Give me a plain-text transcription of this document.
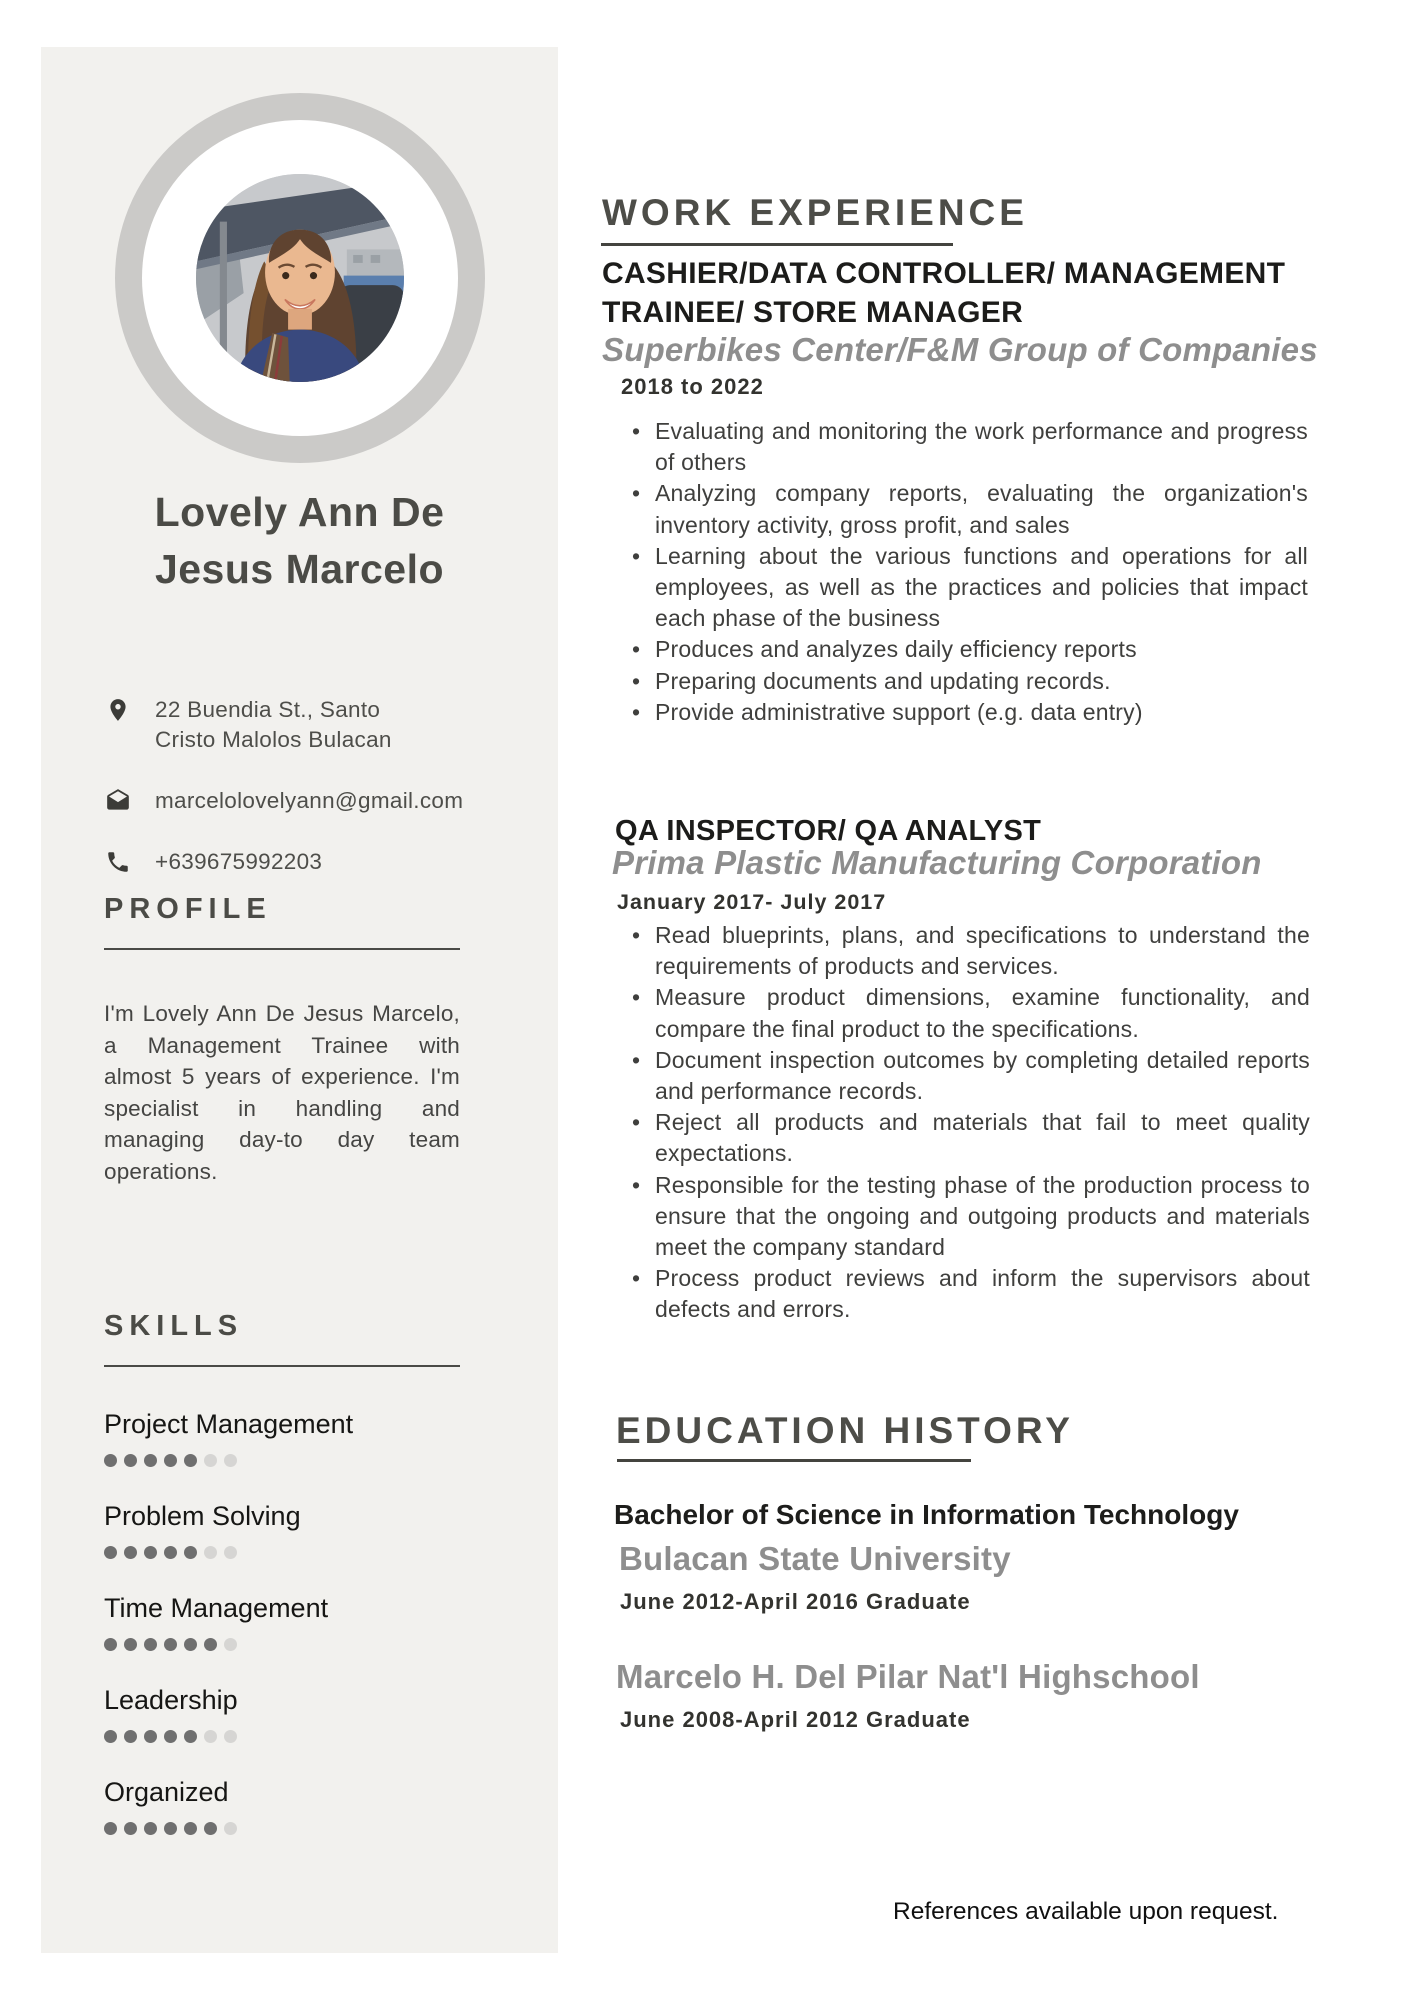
Lovely Ann De
Jesus Marcelo
22 Buendia St., Santo
Cristo Malolos Bulacan
marcelolovelyann@gmail.com
+639675992203
PROFILE
I'm Lovely Ann De Jesus Marcelo, a Management Trainee with almost 5 years of experience. I'm specialist in handling and managing day-to day team operations.
SKILLS
Project Management
Problem Solving
Time Management
Leadership
Organized
WORK EXPERIENCE
CASHIER/DATA CONTROLLER/ MANAGEMENT TRAINEE/ STORE MANAGER
Superbikes Center/F&M Group of Companies
2018 to 2022
• Evaluating and monitoring the work performance and progress of others
• Analyzing company reports, evaluating the organization's inventory activity, gross profit, and sales
• Learning about the various functions and operations for all employees, as well as the practices and policies that impact each phase of the business
• Produces and analyzes daily efficiency reports
• Preparing documents and updating records.
• Provide administrative support (e.g. data entry)
QA INSPECTOR/ QA ANALYST
Prima Plastic Manufacturing Corporation
January 2017- July 2017
• Read blueprints, plans, and specifications to understand the requirements of products and services.
• Measure product dimensions, examine functionality, and compare the final product to the specifications.
• Document inspection outcomes by completing detailed reports and performance records.
• Reject all products and materials that fail to meet quality expectations.
• Responsible for the testing phase of the production process to ensure that the ongoing and outgoing products and materials meet the company standard
• Process product reviews and inform the supervisors about defects and errors.
EDUCATION HISTORY
Bachelor of Science in Information Technology
Bulacan State University
June 2012-April 2016 Graduate
Marcelo H. Del Pilar Nat'l Highschool
June 2008-April 2012 Graduate
References available upon request.
